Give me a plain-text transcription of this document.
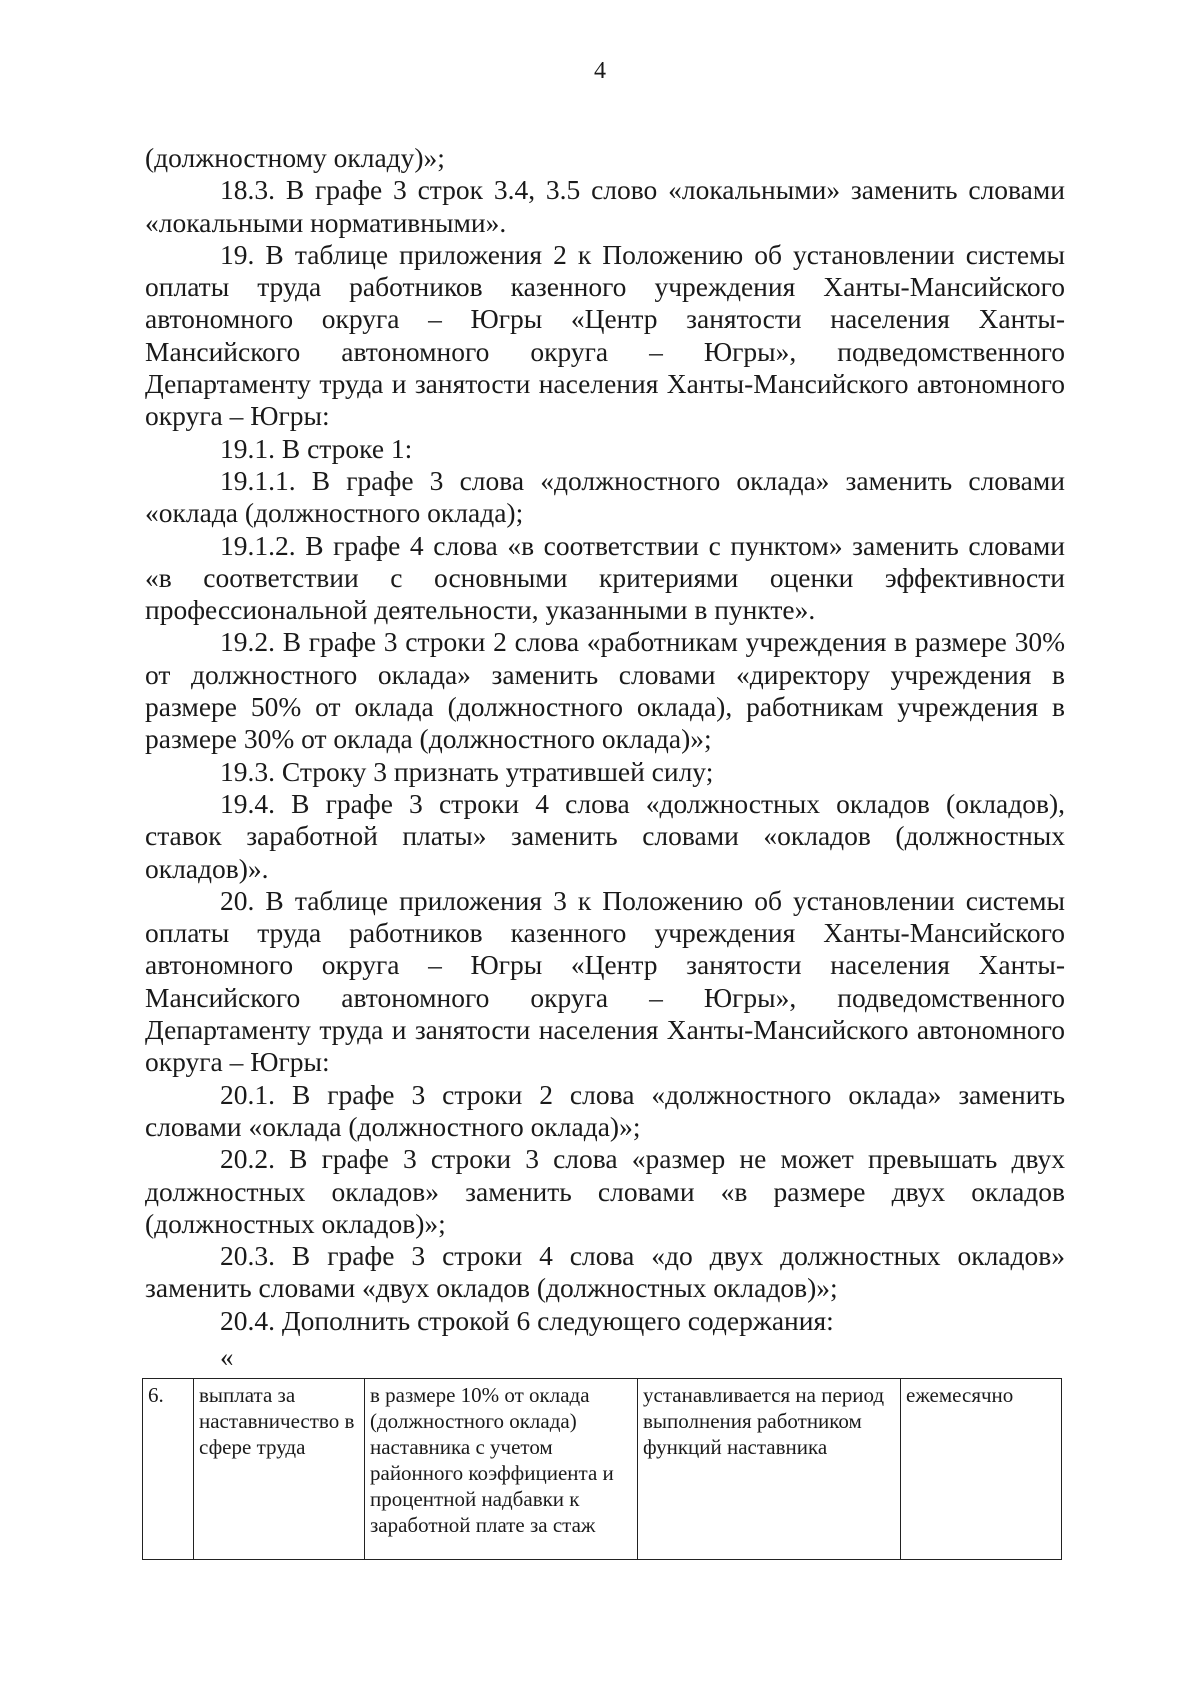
4

(должностному окладу)»;

18.3. В графе 3 строк 3.4, 3.5 слово «локальными» заменить словами «локальными нормативными».

19. В таблице приложения 2 к Положению об установлении системы оплаты труда работников казенного учреждения Ханты-Мансийского автономного округа – Югры «Центр занятости населения Ханты-Мансийского автономного округа – Югры», подведомственного Департаменту труда и занятости населения Ханты-Мансийского автономного округа – Югры:

19.1. В строке 1:

19.1.1. В графе 3 слова «должностного оклада» заменить словами «оклада (должностного оклада);

19.1.2. В графе 4 слова «в соответствии с пунктом» заменить словами «в соответствии с основными критериями оценки эффективности профессиональной деятельности, указанными в пункте».

19.2. В графе 3 строки 2 слова «работникам учреждения в размере 30% от должностного оклада» заменить словами «директору учреждения в размере 50% от оклада (должностного оклада), работникам учреждения в размере 30% от оклада (должностного оклада)»;

19.3. Строку 3 признать утратившей силу;

19.4. В графе 3 строки 4 слова «должностных окладов (окладов), ставок заработной платы» заменить словами «окладов (должностных окладов)».

20. В таблице приложения 3 к Положению об установлении системы оплаты труда работников казенного учреждения Ханты-Мансийского автономного округа – Югры «Центр занятости населения Ханты-Мансийского автономного округа – Югры», подведомственного Департаменту труда и занятости населения Ханты-Мансийского автономного округа – Югры:

20.1. В графе 3 строки 2 слова «должностного оклада» заменить словами «оклада (должностного оклада)»;

20.2. В графе 3 строки 3 слова «размер не может превышать двух должностных окладов» заменить словами «в размере двух окладов (должностных окладов)»;

20.3. В графе 3 строки 4 слова «до двух должностных окладов» заменить словами «двух окладов (должностных окладов)»;

20.4. Дополнить строкой 6 следующего содержания:

«
6.	выплата за наставничество в сфере труда	в размере 10% от оклада (должностного оклада) наставника с учетом районного коэффициента и процентной надбавки к заработной плате за стаж	устанавливается на период выполнения работником функций наставника	ежемесячно
